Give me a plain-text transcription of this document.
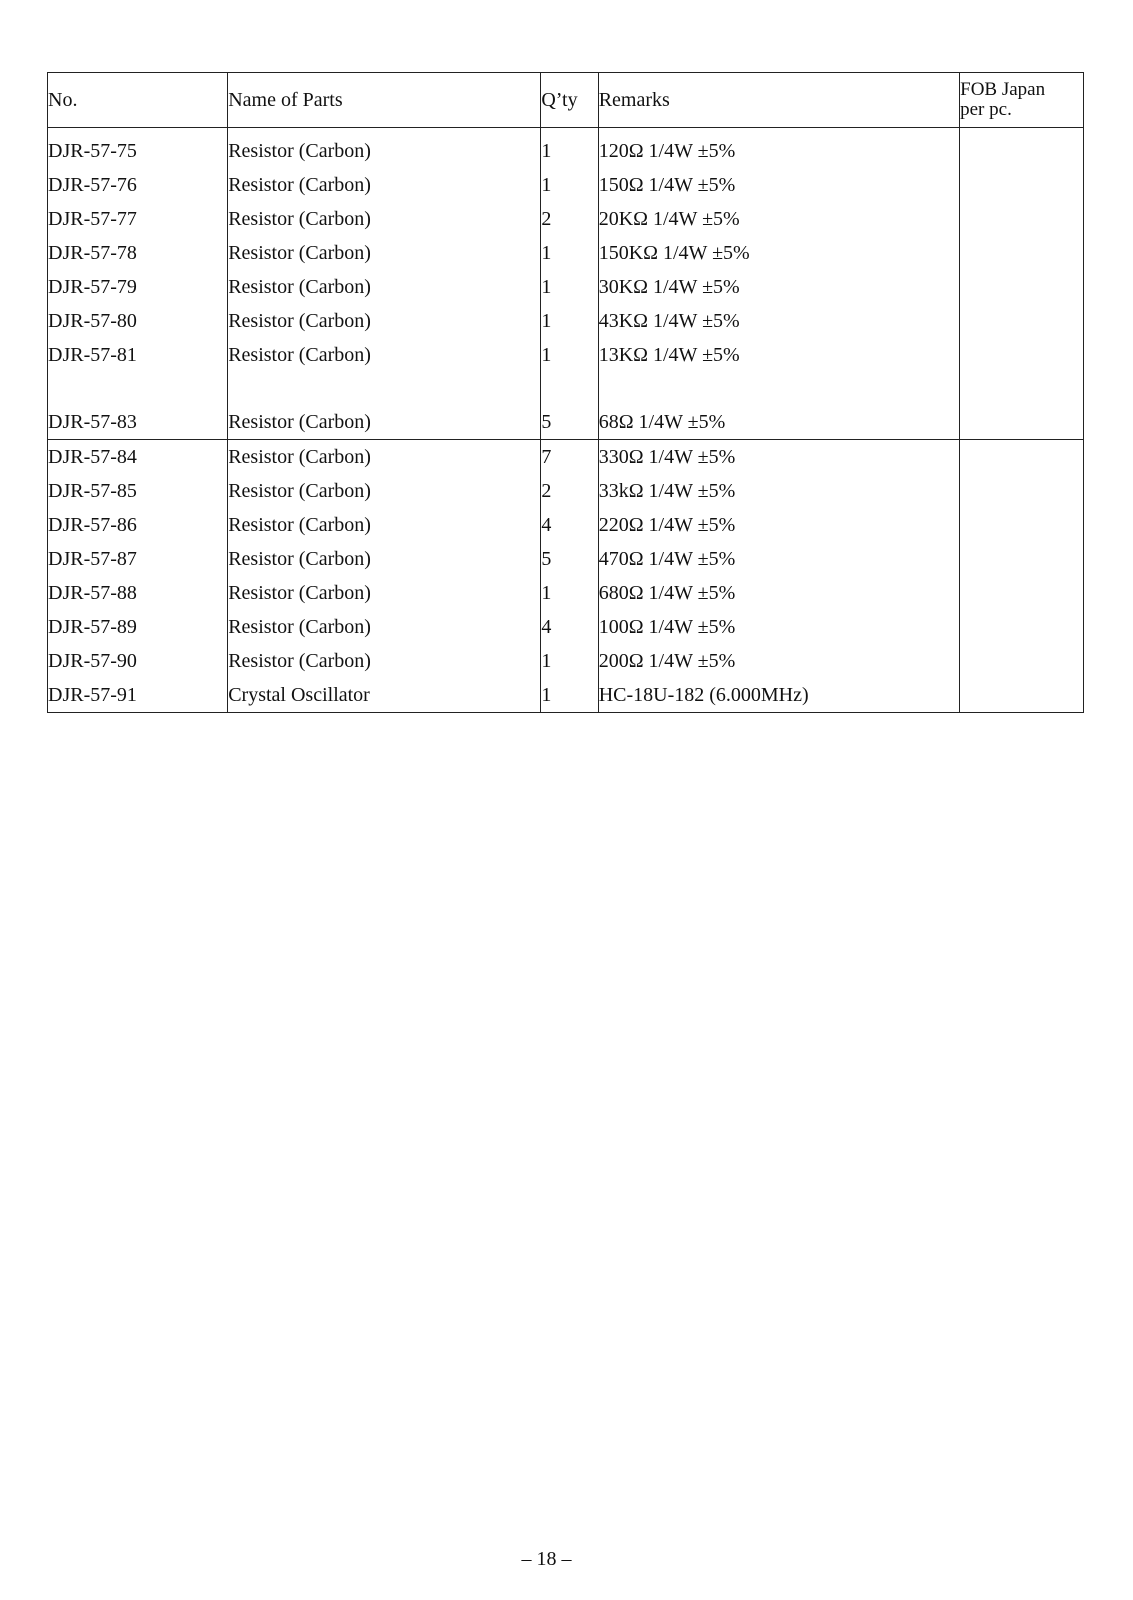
No.	Name of Parts	Q’ty	Remarks	FOB Japan
per pc.
DJR-57-75	Resistor (Carbon)	1	120Ω 1/4W ±5%	
DJR-57-76	Resistor (Carbon)	1	150Ω 1/4W ±5%	
DJR-57-77	Resistor (Carbon)	2	20KΩ 1/4W ±5%	
DJR-57-78	Resistor (Carbon)	1	150KΩ 1/4W ±5%	
DJR-57-79	Resistor (Carbon)	1	30KΩ 1/4W ±5%	
DJR-57-80	Resistor (Carbon)	1	43KΩ 1/4W ±5%	
DJR-57-81	Resistor (Carbon)	1	13KΩ 1/4W ±5%	

DJR-57-83	Resistor (Carbon)	5	68Ω 1/4W ±5%	
DJR-57-84	Resistor (Carbon)	7	330Ω 1/4W ±5%	
DJR-57-85	Resistor (Carbon)	2	33kΩ 1/4W ±5%	
DJR-57-86	Resistor (Carbon)	4	220Ω 1/4W ±5%	
DJR-57-87	Resistor (Carbon)	5	470Ω 1/4W ±5%	
DJR-57-88	Resistor (Carbon)	1	680Ω 1/4W ±5%	
DJR-57-89	Resistor (Carbon)	4	100Ω 1/4W ±5%	
DJR-57-90	Resistor (Carbon)	1	200Ω 1/4W ±5%	
DJR-57-91	Crystal Oscillator	1	HC-18U-182 (6.000MHz)	
– 18 –
